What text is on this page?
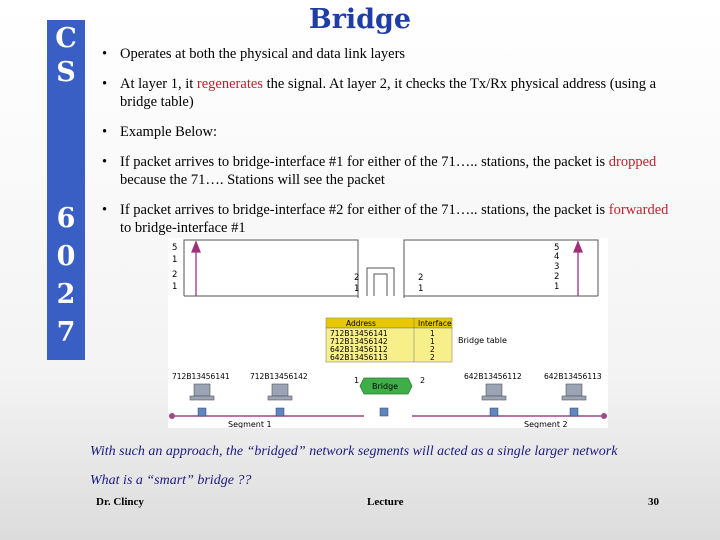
C
S
6
0
2
7
Bridge
• Operates at both the physical and data link layers
• At layer 1, it regenerates the signal. At layer 2, it checks the Tx/Rx physical address (using a bridge table)
• Example Below:
• If packet arrives to bridge-interface #1 for either of the 71….. stations, the packet is dropped because the 71…. Stations will see the packet
• If packet arrives to bridge-interface #2 for either of the 71….. stations, the packet is forwarded to bridge-interface #1
5
1
2
1
2
1
2
1
5
4
3
2
1
Address	Interface
712B13456141	1
712B13456142	1
642B13456112	2
642B13456113	2
Bridge table
712B13456141	712B13456142	642B13456112	642B13456113
Bridge
1	2
Segment 1	Segment 2
With such an approach, the “bridged” network segments will acted as a single larger network
What is a “smart” bridge ??
Dr. Clincy	Lecture	30
